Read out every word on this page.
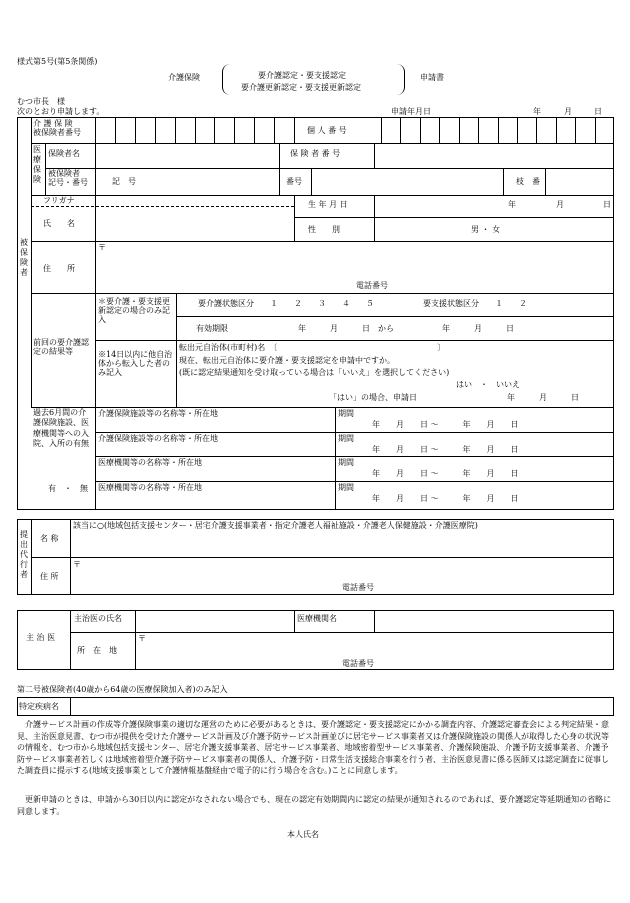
様式第5号(第5条関係)
介護保険	要介護認定・要支援認定
要介護更新認定・要支援更新認定
申請書
むつ市長　様
次のとおり申請します。	申請年月日	年	月	日
被保険者
介 護 保 険
被保険者番号	個 人 番 号
医療保険
保険者名	保 険 者 番 号
被保険者
記号・番号	記　号	番号	枝　番
フリガナ
氏　　名
生 年 月 日	年	月	日
性　　別	男 ・ 女
住　　所
〒
電話番号
前回の要介護認定の結果等
＊要介護・要支援更新認定の場合のみ記入
要介護状態区分　　１　　２　　３　　４　　５	要支援状態区分　　１　　２
有効期限	年　　　月　　　日　から　　　　　　年　　　月　　　日
※14日以内に他自治体から転入した者のみ記入
転出元自治体(市町村)名　〔　　　　　　　　　　　　　　　　　　　　〕
現在、転出元自治体に要介護・要支援認定を申請中ですか。
(既に認定結果通知を受け取っている場合は「いいえ」を選択してください)
はい　・　いいえ
「はい」の場合、申請日	年　　　月　　　日
過去6月間の介護保険施設、医療機関等への入院、入所の有無
有　・　無
介護保険施設等の名称等・所在地	期間
年　　月　　日 〜　　　年　　月　　日
介護保険施設等の名称等・所在地	期間
年　　月　　日 〜　　　年　　月　　日
医療機関等の名称等・所在地	期間
年　　月　　日 〜　　　年　　月　　日
医療機関等の名称等・所在地	期間
年　　月　　日 〜　　　年　　月　　日
提出代行者
名 称
該当に○(地域包括支援センター・居宅介護支援事業者・指定介護老人福祉施設・介護老人保健施設・介護医療院)
住 所
〒
電話番号
主 治 医
主治医の氏名	医療機関名
所　在　地
〒
電話番号
第二号被保険者(40歳から64歳の医療保険加入者)のみ記入
特定疾病名
　介護サービス計画の作成等介護保険事業の適切な運営のために必要があるときは、要介護認定・要支援認定にかかる調査内容、介護認定審査会による判定結果・意見、主治医意見書、むつ市が提供を受けた介護サービス計画及び介護予防サービス計画並びに居宅サービス事業者又は介護保険施設の関係人が取得した心身の状況等の情報を、むつ市から地域包括支援センター、居宅介護支援事業者、居宅サービス事業者、地域密着型サービス事業者、介護保険施設、介護予防支援事業者、介護予防サービス事業者若しくは地域密着型介護予防サービス事業者の関係人、介護予防・日常生活支援総合事業を行う者、主治医意見書に係る医師又は認定調査に従事した調査員に提示する(地域支援事業として介護情報基盤経由で電子的に行う場合を含む。)ことに同意します。
　更新申請のときは、申請から30日以内に認定がなされない場合でも、現在の認定有効期間内に認定の結果が通知されるのであれば、要介護認定等延期通知の省略に同意します。
本人氏名
